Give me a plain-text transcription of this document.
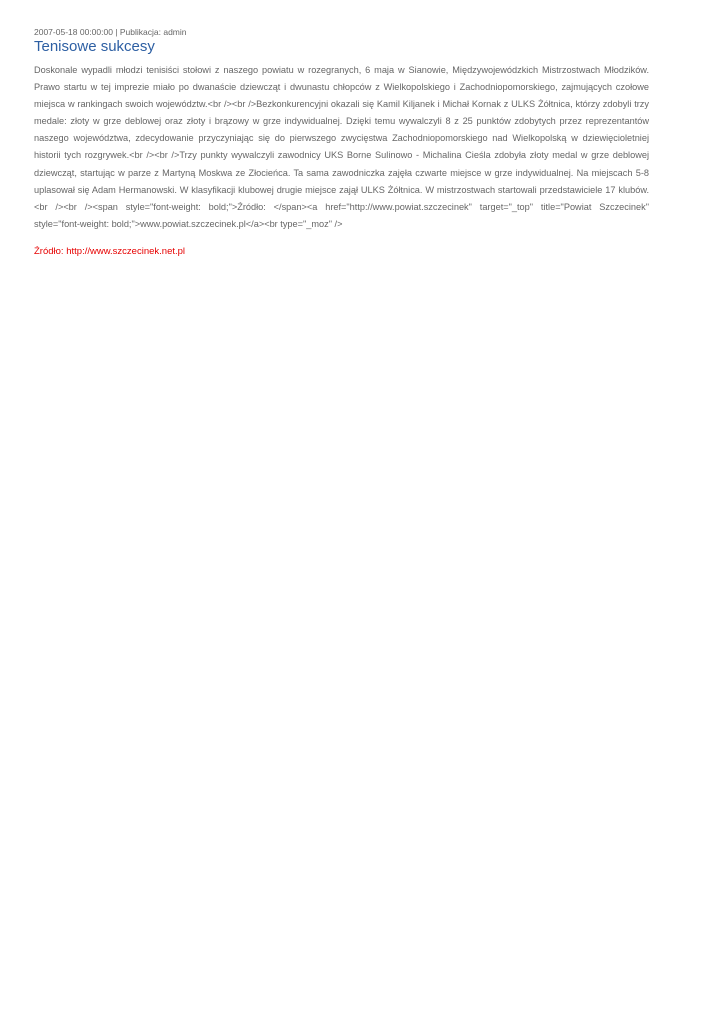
2007-05-18 00:00:00 | Publikacja: admin

Tenisowe sukcesy

Doskonale wypadli młodzi tenisiści stołowi z naszego powiatu w rozegranych, 6 maja w Sianowie, Międzywojewódzkich Mistrzostwach Młodzików. Prawo startu w tej imprezie miało po dwanaście dziewcząt i dwunastu chłopców z Wielkopolskiego i Zachodniopomorskiego, zajmujących czołowe miejsca w rankingach swoich województw.<br /><br />Bezkonkurencyjni okazali się Kamil Kiljanek i Michał Kornak z ULKS Żółtnica, którzy zdobyli trzy medale: złoty w grze deblowej oraz złoty i brązowy w grze indywidualnej. Dzięki temu wywalczyli 8 z 25 punktów zdobytych przez reprezentantów naszego województwa, zdecydowanie przyczyniając się do pierwszego zwycięstwa Zachodniopomorskiego nad Wielkopolską w dziewięcioletniej historii tych rozgrywek.<br /><br />Trzy punkty wywalczyli zawodnicy UKS Borne Sulinowo - Michalina Cieśla zdobyła złoty medal w grze deblowej dziewcząt, startując w parze z Martyną Moskwa ze Złocieńca. Ta sama zawodniczka zajęła czwarte miejsce w grze indywidualnej. Na miejscach 5-8 uplasował się Adam Hermanowski. W klasyfikacji klubowej drugie miejsce zajął ULKS Żółtnica. W mistrzostwach startowali przedstawiciele 17 klubów.<br /><br /><span style="font-weight: bold;">Źródło: </span><a href="http://www.powiat.szczecinek" target="_top" title="Powiat Szczecinek" style="font-weight: bold;">www.powiat.szczecinek.pl</a><br type="_moz" />

Źródło: http://www.szczecinek.net.pl
